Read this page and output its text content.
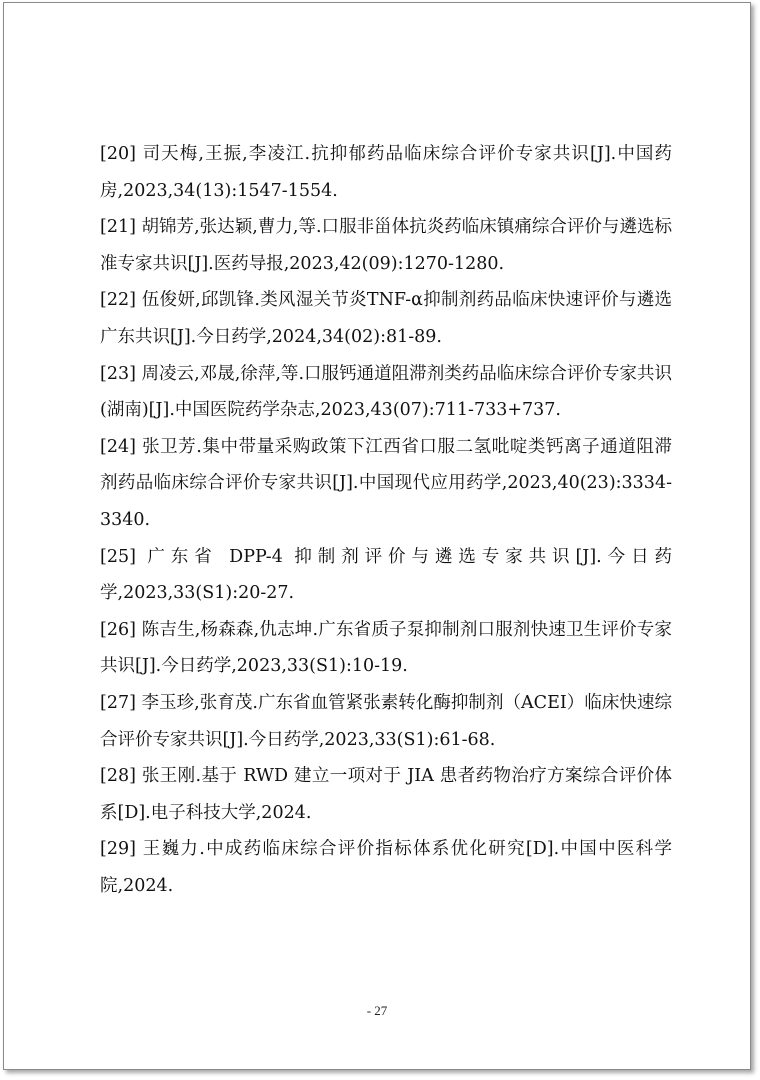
[20] 司天梅,王振,李凌江.抗抑郁药品临床综合评价专家共识[J].中国药房,2023,34(13):1547-1554.

[21] 胡锦芳,张达颖,曹力,等.口服非甾体抗炎药临床镇痛综合评价与遴选标准专家共识[J].医药导报,2023,42(09):1270-1280.

[22] 伍俊妍,邱凯锋.类风湿关节炎TNF-α抑制剂药品临床快速评价与遴选广东共识[J].今日药学,2024,34(02):81-89.

[23] 周凌云,邓晟,徐萍,等.口服钙通道阻滞剂类药品临床综合评价专家共识(湖南)[J].中国医院药学杂志,2023,43(07):711-733+737.

[24] 张卫芳.集中带量采购政策下江西省口服二氢吡啶类钙离子通道阻滞剂药品临床综合评价专家共识[J].中国现代应用药学,2023,40(23):3334-3340.

[25] 广东省 DPP-4 抑制剂评价与遴选专家共识[J].今日药学,2023,33(S1):20-27.

[26] 陈吉生,杨森森,仇志坤.广东省质子泵抑制剂口服剂快速卫生评价专家共识[J].今日药学,2023,33(S1):10-19.

[27] 李玉珍,张育茂.广东省血管紧张素转化酶抑制剂（ACEI）临床快速综合评价专家共识[J].今日药学,2023,33(S1):61-68.

[28] 张王刚.基于 RWD 建立一项对于 JIA 患者药物治疗方案综合评价体系[D].电子科技大学,2024.

[29] 王巍力.中成药临床综合评价指标体系优化研究[D].中国中医科学院,2024.

- 27
